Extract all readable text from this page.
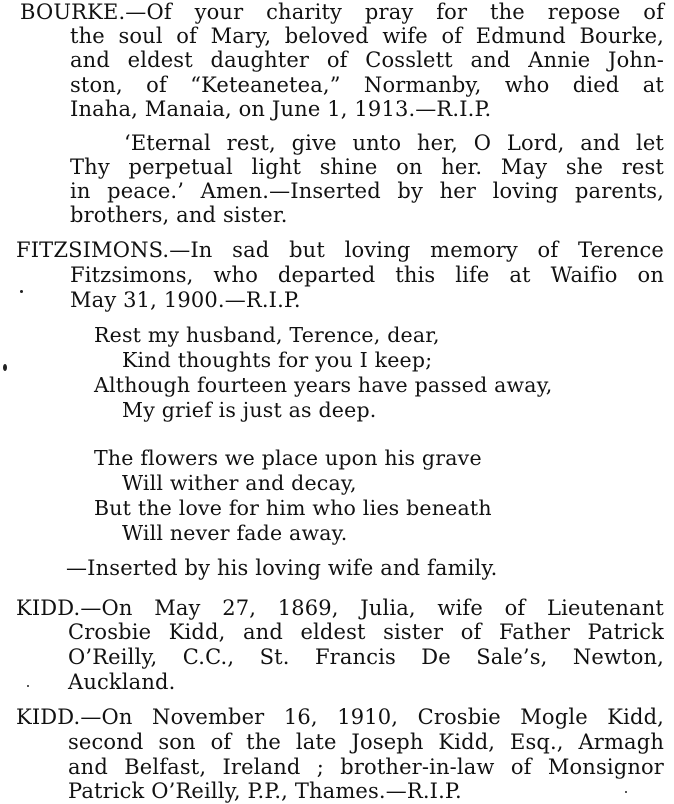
BOURKE.—Of your charity pray for the repose of
the soul of Mary, beloved wife of Edmund Bourke,
and eldest daughter of Cosslett and Annie John-
ston, of “Keteanetea,” Normanby, who died at
Inaha, Manaia, on June 1, 1913.—R.I.P.
‘Eternal rest, give unto her, O Lord, and let
Thy perpetual light shine on her. May she rest
in peace.’ Amen.—Inserted by her loving parents,
brothers, and sister.
FITZSIMONS.—In sad but loving memory of Terence
Fitzsimons, who departed this life at Waifio on
May 31, 1900.—R.I.P.
Rest my husband, Terence, dear,
Kind thoughts for you I keep;
Although fourteen years have passed away,
My grief is just as deep.
The flowers we place upon his grave
Will wither and decay,
But the love for him who lies beneath
Will never fade away.
—Inserted by his loving wife and family.
KIDD.—On May 27, 1869, Julia, wife of Lieutenant
Crosbie Kidd, and eldest sister of Father Patrick
O’Reilly, C.C., St. Francis De Sale’s, Newton,
Auckland.
KIDD.—On November 16, 1910, Crosbie Mogle Kidd,
second son of the late Joseph Kidd, Esq., Armagh
and Belfast, Ireland ; brother-in-law of Monsignor
Patrick O’Reilly, P.P., Thames.—R.I.P.
